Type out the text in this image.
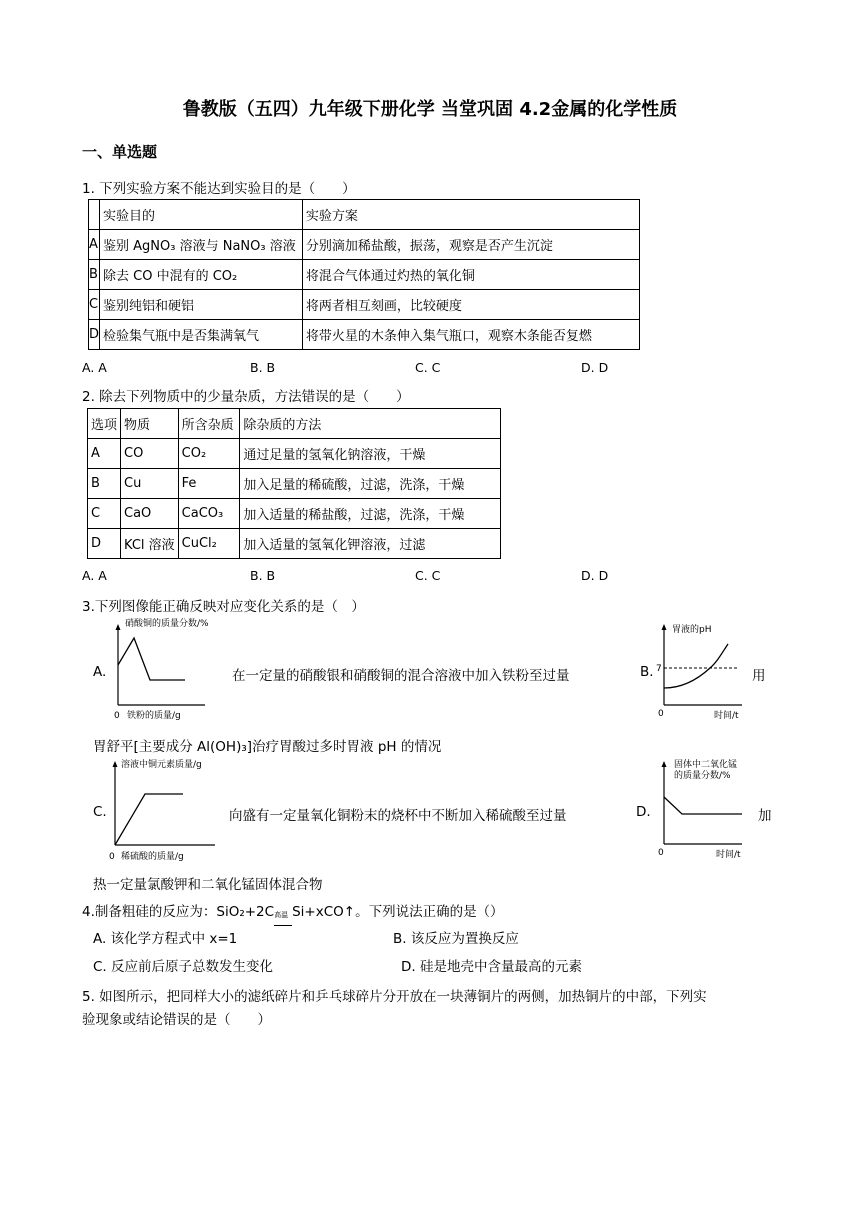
鲁教版（五四）九年级下册化学 当堂巩固 4.2金属的化学性质
一、单选题
1. 下列实验方案不能达到实验目的是（　　）
	实验目的	实验方案
A	鉴别 AgNO₃ 溶液与 NaNO₃ 溶液	分别滴加稀盐酸，振荡，观察是否产生沉淀
B	除去 CO 中混有的 CO₂	将混合气体通过灼热的氧化铜
C	鉴别纯铝和硬铝	将两者相互刻画，比较硬度
D	检验集气瓶中是否集满氧气	将带火星的木条伸入集气瓶口，观察木条能否复燃
A. A	B. B	C. C	D. D
2. 除去下列物质中的少量杂质，方法错误的是（　　）
选项	物质	所含杂质	除杂质的方法
A	CO	CO₂	通过足量的氢氧化钠溶液，干燥
B	Cu	Fe	加入足量的稀硫酸，过滤，洗涤，干燥
C	CaO	CaCO₃	加入适量的稀盐酸，过滤，洗涤，干燥
D	KCl 溶液	CuCl₂	加入适量的氢氧化钾溶液，过滤
A. A	B. B	C. C	D. D
3.下列图像能正确反映对应变化关系的是（　）
A.
硝酸铜的质量分数/%
0 铁粉的质量/g
在一定量的硝酸银和硝酸铜的混合溶液中加入铁粉至过量	B.
胃液的pH
7
0	时间/t
用
胃舒平[主要成分 Al(OH)₃]治疗胃酸过多时胃液 pH 的情况
C.
溶液中铜元素质量/g
0 稀硫酸的质量/g
向盛有一定量氧化铜粉末的烧杯中不断加入稀硫酸至过量	D.
固体中二氧化锰
的质量分数/%
0	时间/t
加
热一定量氯酸钾和二氧化锰固体混合物
4.制备粗硅的反应为：SiO₂+2C 高温 Si+xCO↑。下列说法正确的是（）
A. 该化学方程式中 x=1	B. 该反应为置换反应
C. 反应前后原子总数发生变化	D. 硅是地壳中含量最高的元素
5. 如图所示，把同样大小的滤纸碎片和乒乓球碎片分开放在一块薄铜片的两侧，加热铜片的中部，下列实
验现象或结论错误的是（　　）
